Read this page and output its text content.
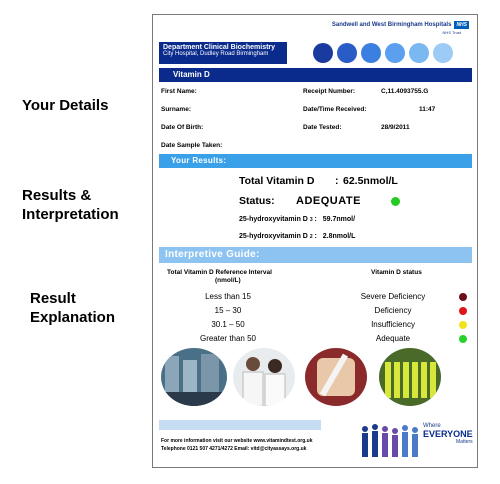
Your Details
Results &
Interpretation
Result
Explanation
Sandwell and West Birmingham Hospitals	NHS
NHS Trust
Department Clinical Biochemistry
City Hospital, Dudley Road Birmingham
Vitamin D
First Name:
Surname:
Date Of Birth:
Date Sample Taken:
Receipt Number:	C,11.4093755.G
Date/Time Received:	11:47
Date Tested:	28/9/2011
Your Results:
Total Vitamin D : 62.5nmol/L
Status: ADEQUATE
25-hydroxyvitamin D 3 : 59.7nmol/
25-hydroxyvitamin D 2 : 2.8nmol/L
Interpretive Guide:
Total Vitamin D Reference Interval
(nmol/L)
Vitamin D status
Less than 15	Severe Deficiency
15 – 30	Deficiency
30.1 – 50	Insufficiency
Greater than 50	Adequate
For more information visit our website www.vitamindtest.org.uk
Telephone 0121 507 4271/4272 Email: vitd@cityassays.org.uk
Where
EVERYONE
Matters
